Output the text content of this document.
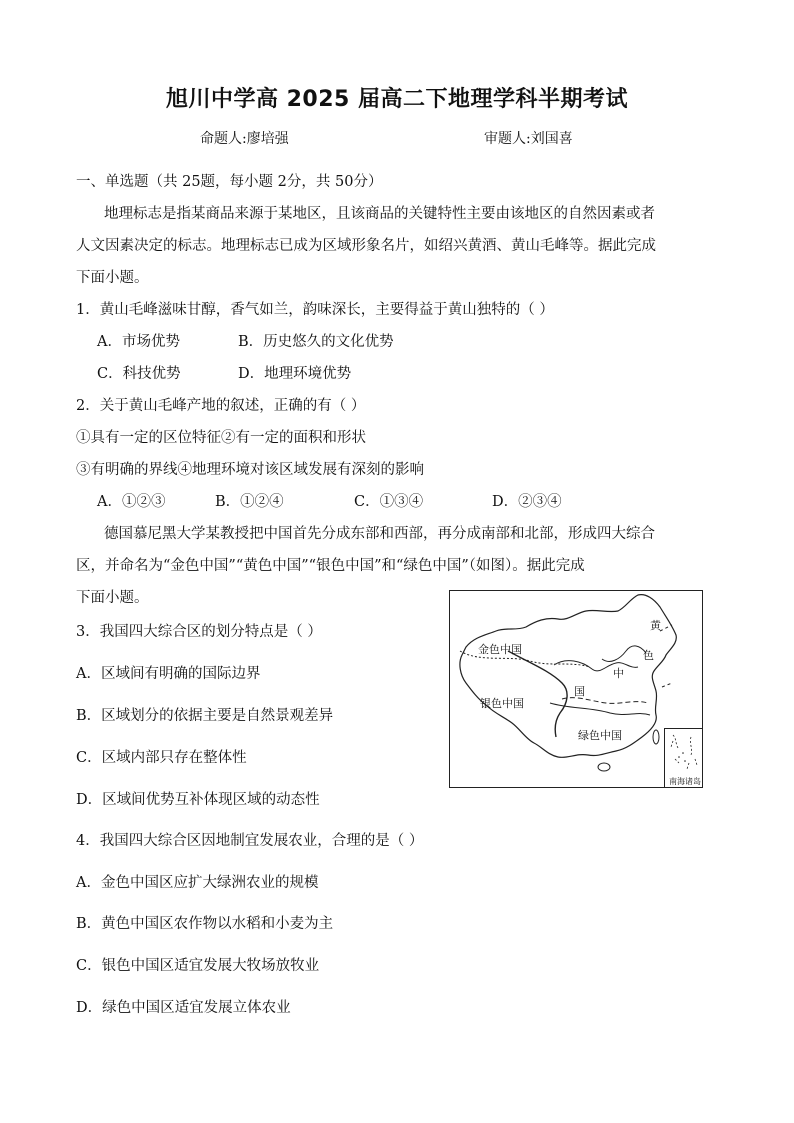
旭川中学高 2025 届高二下地理学科半期考试
命题人:廖培强	审题人:刘国喜
一、单选题（共 25题，每小题 2分，共 50分）
地理标志是指某商品来源于某地区，且该商品的关键特性主要由该地区的自然因素或者
人文因素决定的标志。地理标志已成为区域形象名片，如绍兴黄酒、黄山毛峰等。据此完成
下面小题。
1．黄山毛峰滋味甘醇，香气如兰，韵味深长，主要得益于黄山独特的（ ）
A．市场优势	B．历史悠久的文化优势
C．科技优势	D．地理环境优势
2．关于黄山毛峰产地的叙述，正确的有（ ）
①具有一定的区位特征②有一定的面积和形状
③有明确的界线④地理环境对该区域发展有深刻的影响
A．①②③	B．①②④	C．①③④	D．②③④
德国慕尼黑大学某教授把中国首先分成东部和西部，再分成南部和北部，形成四大综合
区，并命名为“金色中国”“黄色中国”“银色中国”和“绿色中国”（如图）。据此完成
下面小题。
金色中国
银色中国
绿色中国
黄
色
中
国
南海诸岛
3．我国四大综合区的划分特点是（ ）
A．区域间有明确的国际边界
B．区域划分的依据主要是自然景观差异
C．区域内部只存在整体性
D．区域间优势互补体现区域的动态性
4．我国四大综合区因地制宜发展农业，合理的是（ ）
A．金色中国区应扩大绿洲农业的规模
B．黄色中国区农作物以水稻和小麦为主
C．银色中国区适宜发展大牧场放牧业
D．绿色中国区适宜发展立体农业
